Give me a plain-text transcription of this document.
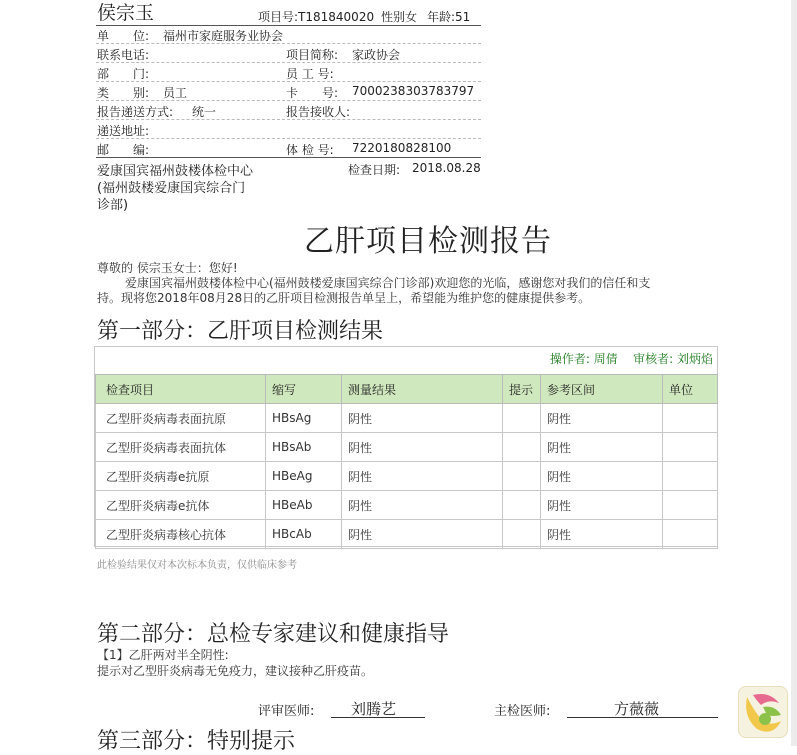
侯宗玉	项目号:T181840020 性别女 年龄:51
单　　位: 福州市家庭服务业协会
联系电话:	项目简称: 家政协会
部　　门:	员 工 号:
类　　别: 员工	卡　　号: 7000238303783797
报告递送方式: 统一	报告接收人:
递送地址:
邮　　编:	体 检 号: 7220180828100
爱康国宾福州鼓楼体检中心
(福州鼓楼爱康国宾综合门
诊部)
检查日期: 2018.08.28
乙肝项目检测报告
尊敬的 侯宗玉女士：您好!
爱康国宾福州鼓楼体检中心(福州鼓楼爱康国宾综合门诊部)欢迎您的光临，感谢您对我们的信任和支
持。现将您2018年08月28日的乙肝项目检测报告单呈上，希望能为维护您的健康提供参考。
第一部分：乙肝项目检测结果
操作者: 周倩 审核者: 刘炳焰
检查项目	缩写	测量结果	提示	参考区间	单位
乙型肝炎病毒表面抗原	HBsAg	阴性		阴性	
乙型肝炎病毒表面抗体	HBsAb	阴性		阴性	
乙型肝炎病毒e抗原	HBeAg	阴性		阴性	
乙型肝炎病毒e抗体	HBeAb	阴性		阴性	
乙型肝炎病毒核心抗体	HBcAb	阴性		阴性	
此检验结果仅对本次标本负责，仅供临床参考
第二部分：总检专家建议和健康指导
【1】乙肝两对半全阴性:
提示对乙型肝炎病毒无免疫力，建议接种乙肝疫苗。
评审医师: 刘腾艺	主检医师:	方薇薇
第三部分：特别提示
